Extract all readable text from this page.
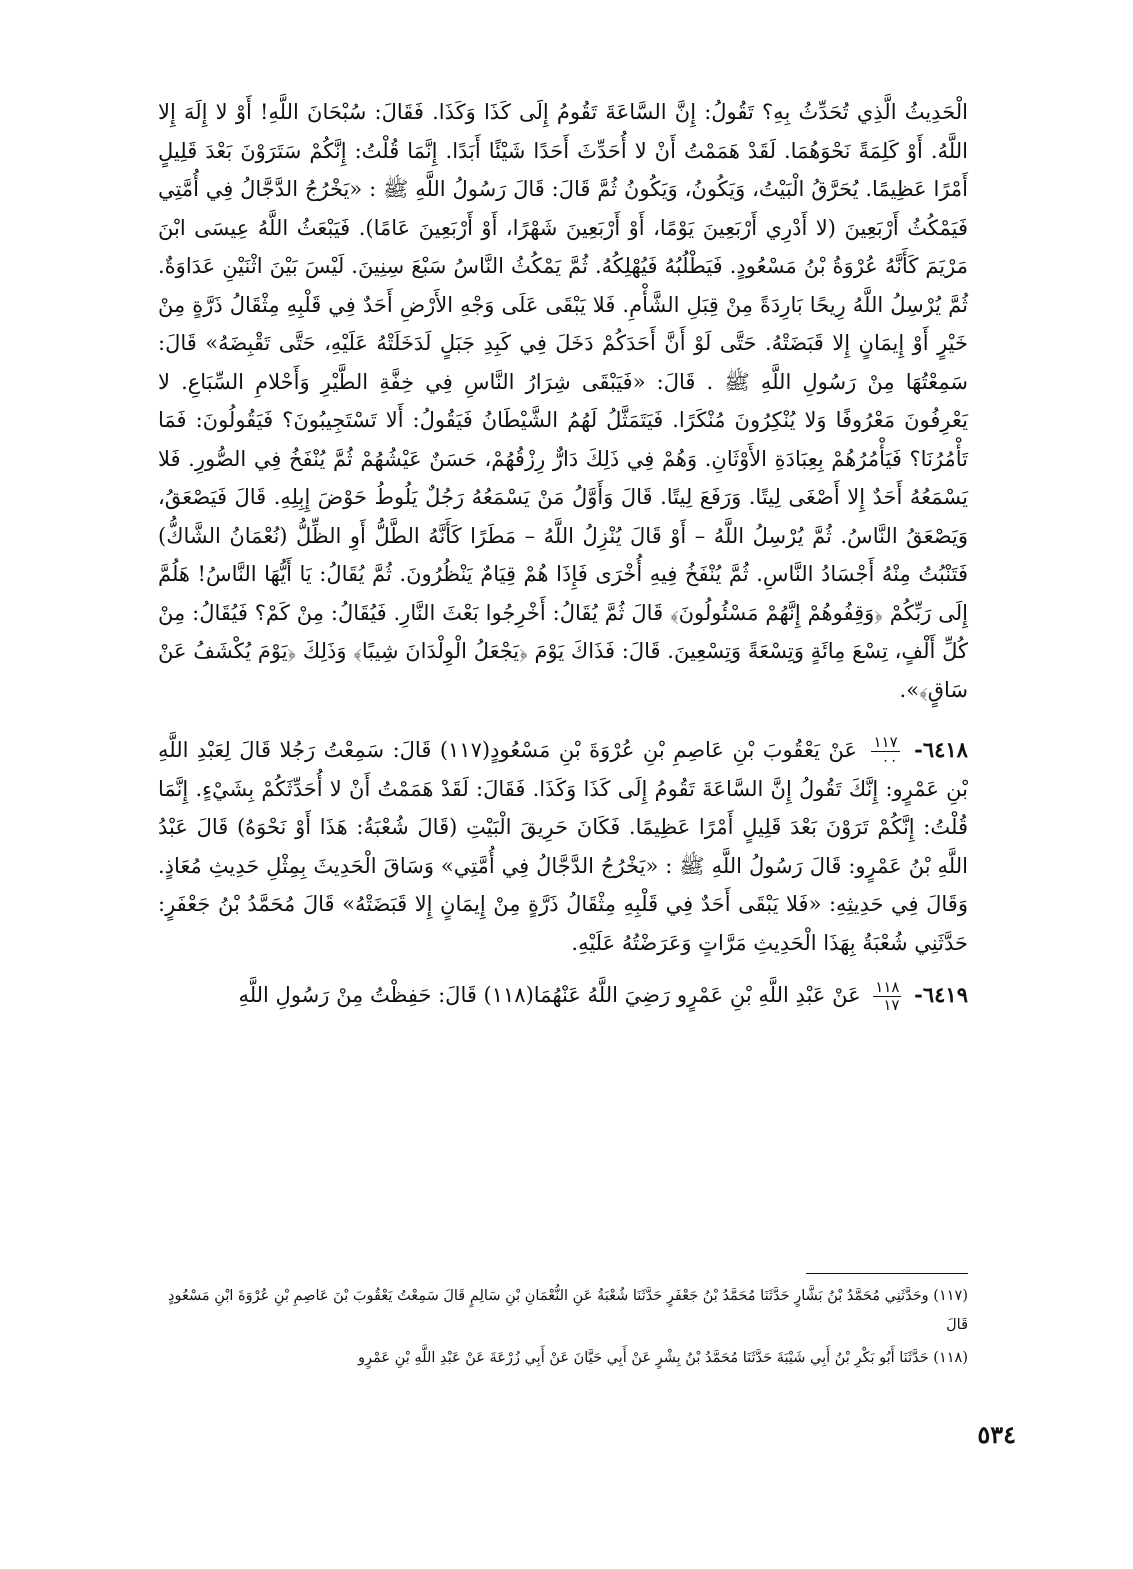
الْحَدِيثُ الَّذِي تُحَدِّثُ بِهِ؟ تَقُولُ: إِنَّ السَّاعَةَ تَقُومُ إِلَى كَذَا وَكَذَا. فَقَالَ: سُبْحَانَ اللَّهِ! أَوْ لا إِلَهَ إِلا اللَّهُ. أَوْ كَلِمَةً نَحْوَهُمَا. لَقَدْ هَمَمْتُ أَنْ لا أُحَدِّثَ أَحَدًا شَيْئًا أَبَدًا. إِنَّمَا قُلْتُ: إِنَّكُمْ سَتَرَوْنَ بَعْدَ قَلِيلٍ أَمْرًا عَظِيمًا. يُحَرَّقُ الْبَيْتُ، وَيَكُونُ، وَيَكُونُ ثُمَّ قَالَ: قَالَ رَسُولُ اللَّهِ ﷺ : «يَخْرُجُ الدَّجَّالُ فِي أُمَّتِي فَيَمْكُثُ أَرْبَعِينَ (لا أَدْرِي أَرْبَعِينَ يَوْمًا، أَوْ أَرْبَعِينَ شَهْرًا، أَوْ أَرْبَعِينَ عَامًا). فَيَبْعَثُ اللَّهُ عِيسَى ابْنَ مَرْيَمَ كَأَنَّهُ عُرْوَةُ بْنُ مَسْعُودٍ. فَيَطْلُبُهُ فَيُهْلِكُهُ. ثُمَّ يَمْكُثُ النَّاسُ سَبْعَ سِنِينَ. لَيْسَ بَيْنَ اثْنَيْنِ عَدَاوَةٌ. ثُمَّ يُرْسِلُ اللَّهُ رِيحًا بَارِدَةً مِنْ قِبَلِ الشَّأْمِ. فَلا يَبْقَى عَلَى وَجْهِ الأَرْضِ أَحَدٌ فِي قَلْبِهِ مِثْقَالُ ذَرَّةٍ مِنْ خَيْرٍ أَوْ إِيمَانٍ إِلا قَبَضَتْهُ. حَتَّى لَوْ أَنَّ أَحَدَكُمْ دَخَلَ فِي كَبِدِ جَبَلٍ لَدَخَلَتْهُ عَلَيْهِ، حَتَّى تَقْبِضَهُ» قَالَ: سَمِعْتُهَا مِنْ رَسُولِ اللَّهِ ﷺ . قَالَ: «فَيَبْقَى شِرَارُ النَّاسِ فِي خِفَّةِ الطَّيْرِ وَأَحْلامِ السِّبَاعِ. لا يَعْرِفُونَ مَعْرُوفًا وَلا يُنْكِرُونَ مُنْكَرًا. فَيَتَمَثَّلُ لَهُمُ الشَّيْطَانُ فَيَقُولُ: أَلا تَسْتَجِيبُونَ؟ فَيَقُولُونَ: فَمَا تَأْمُرُنَا؟ فَيَأْمُرُهُمْ بِعِبَادَةِ الأَوْثَانِ. وَهُمْ فِي ذَلِكَ دَارٌّ رِزْقُهُمْ، حَسَنٌ عَيْشُهُمْ ثُمَّ يُنْفَخُ فِي الصُّورِ. فَلا يَسْمَعُهُ أَحَدٌ إِلا أَصْغَى لِيتًا. وَرَفَعَ لِيتًا. قَالَ وَأَوَّلُ مَنْ يَسْمَعُهُ رَجُلٌ يَلُوطُ حَوْضَ إِبِلِهِ. قَالَ فَيَصْعَقُ، وَيَصْعَقُ النَّاسُ. ثُمَّ يُرْسِلُ اللَّهُ – أَوْ قَالَ يُنْزِلُ اللَّهُ – مَطَرًا كَأَنَّهُ الطَّلُّ أَوِ الظِّلُّ (نُعْمَانُ الشَّاكُّ) فَتَنْبُتُ مِنْهُ أَجْسَادُ النَّاسِ. ثُمَّ يُنْفَخُ فِيهِ أُخْرَى فَإِذَا هُمْ قِيَامٌ يَنْظُرُونَ. ثُمَّ يُقَالُ: يَا أَيُّهَا النَّاسُ! هَلُمَّ إِلَى رَبِّكُمْ ﴿وَقِفُوهُمْ إِنَّهُمْ مَسْئُولُونَ﴾ قَالَ ثُمَّ يُقَالُ: أَخْرِجُوا بَعْثَ النَّارِ. فَيُقَالُ: مِنْ كَمْ؟ فَيُقَالُ: مِنْ كُلِّ أَلْفٍ، تِسْعَ مِائَةٍ وَتِسْعَةً وَتِسْعِينَ. قَالَ: فَذَاكَ يَوْمَ ﴿يَجْعَلُ الْوِلْدَانَ شِيبًا﴾ وَذَلِكَ ﴿يَوْمَ يُكْشَفُ عَنْ سَاقٍ﴾».

٦٤١٨-
$\frac{١١٧}{٠٠}$
عَنْ يَعْقُوبَ بْنِ عَاصِمِ بْنِ عُرْوَةَ بْنِ مَسْعُودٍ(١١٧) قَالَ: سَمِعْتُ رَجُلا قَالَ لِعَبْدِ اللَّهِ بْنِ عَمْرٍو: إِنَّكَ تَقُولُ إِنَّ السَّاعَةَ تَقُومُ إِلَى كَذَا وَكَذَا. فَقَالَ: لَقَدْ هَمَمْتُ أَنْ لا أُحَدِّثَكُمْ بِشَيْءٍ. إِنَّمَا قُلْتُ: إِنَّكُمْ تَرَوْنَ بَعْدَ قَلِيلٍ أَمْرًا عَظِيمًا. فَكَانَ حَرِيقَ الْبَيْتِ (قَالَ شُعْبَةُ: هَذَا أَوْ نَحْوَهُ) قَالَ عَبْدُ اللَّهِ بْنُ عَمْرٍو: قَالَ رَسُولُ اللَّهِ ﷺ : «يَخْرُجُ الدَّجَّالُ فِي أُمَّتِي» وَسَاقَ الْحَدِيثَ بِمِثْلِ حَدِيثِ مُعَاذٍ. وَقَالَ فِي حَدِيثِهِ: «فَلا يَبْقَى أَحَدٌ فِي قَلْبِهِ مِثْقَالُ ذَرَّةٍ مِنْ إِيمَانٍ إِلا قَبَضَتْهُ» قَالَ مُحَمَّدُ بْنُ جَعْفَرٍ: حَدَّثَنِي شُعْبَةُ بِهَذَا الْحَدِيثِ مَرَّاتٍ وَعَرَضْتُهُ عَلَيْهِ.

٦٤١٩-
$\frac{١١٨}{١٧}$
عَنْ عَبْدِ اللَّهِ بْنِ عَمْرٍو رَضِيَ اللَّهُ عَنْهُمَا(١١٨) قَالَ: حَفِظْتُ مِنْ رَسُولِ اللَّهِ

(١١٧) وحَدَّثَنِي مُحَمَّدُ بْنُ بَشَّارٍ حَدَّثَنَا مُحَمَّدُ بْنُ جَعْفَرٍ حَدَّثَنَا شُعْبَةُ عَنِ النُّعْمَانِ بْنِ سَالِمٍ قَالَ سَمِعْتُ يَعْقُوبَ بْنَ عَاصِمِ بْنِ عُرْوَةَ ابْنِ مَسْعُودٍ قَالَ

(١١٨) حَدَّثَنَا أَبُو بَكْرِ بْنُ أَبِي شَيْبَةَ حَدَّثَنَا مُحَمَّدُ بْنُ بِشْرٍ عَنْ أَبِي حَيَّانَ عَنْ أَبِي زُرْعَةَ عَنْ عَبْدِ اللَّهِ بْنِ عَمْرٍو

٥٣٤
